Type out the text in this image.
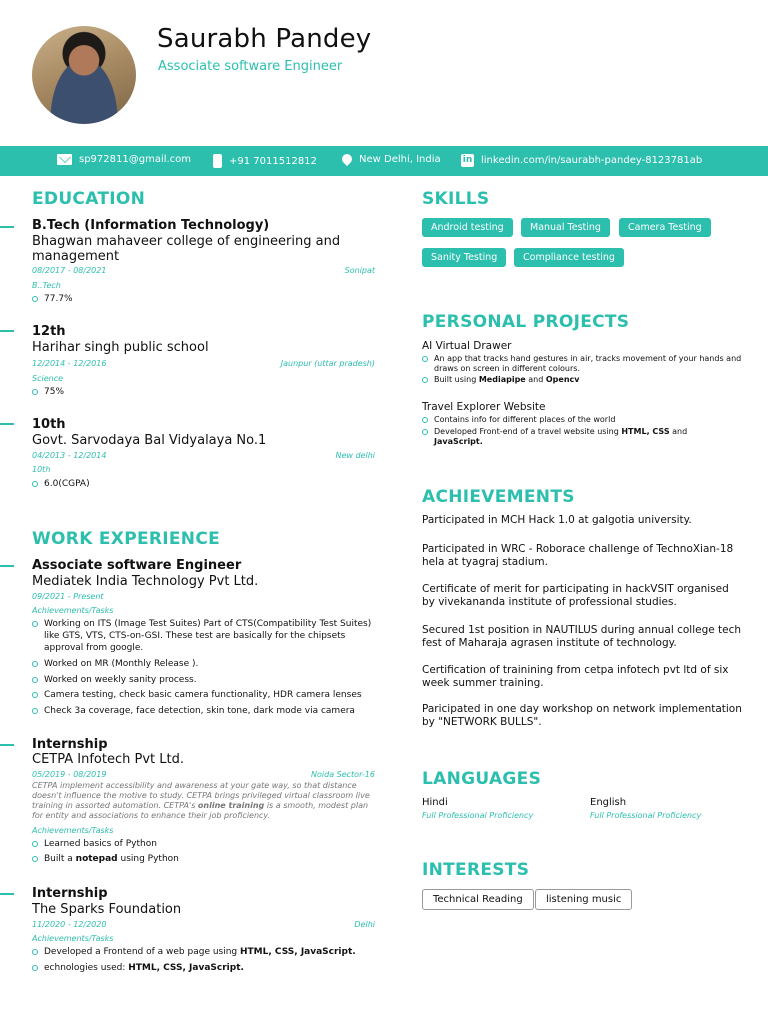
Saurabh Pandey
Associate software Engineer
sp972811@gmail.com	+91 7011512812	New Delhi, India in linkedin.com/in/saurabh-pandey-8123781ab
EDUCATION
B.Tech (Information Technology)
Bhagwan mahaveer college of engineering and management
08/2017 - 08/2021	Sonipat
B..Tech
77.7%
12th
Harihar singh public school
12/2014 - 12/2016	Jaunpur (uttar pradesh)
Science
75%
10th
Govt. Sarvodaya Bal Vidyalaya No.1
04/2013 - 12/2014	New delhi
10th
6.0(CGPA)
WORK EXPERIENCE
Associate software Engineer
Mediatek India Technology Pvt Ltd.
09/2021 - Present
Achievements/Tasks
Working on ITS (Image Test Suites) Part of CTS(Compatibility Test Suites) like GTS, VTS, CTS-on-GSI. These test are basically for the chipsets approval from google.
Worked on MR (Monthly Release ).
Worked on weekly sanity process.
Camera testing, check basic camera functionality, HDR camera lenses
Check 3a coverage, face detection, skin tone, dark mode via camera
Internship
CETPA Infotech Pvt Ltd.
05/2019 - 08/2019	Noida Sector-16
CETPA implement accessibility and awareness at your gate way, so that distance doesn't influence the motive to study. CETPA brings privileged virtual classroom live training in assorted automation. CETPA's online training is a smooth, modest plan for entity and associations to enhance their job proficiency.
Achievements/Tasks
Learned basics of Python
Built a notepad using Python
Internship
The Sparks Foundation
11/2020 - 12/2020	Delhi
Achievements/Tasks
Developed a Frontend of a web page using HTML, CSS, JavaScript.
echnologies used: HTML, CSS, JavaScript.
SKILLS
Android testing	Manual Testing	Camera Testing
Sanity Testing	Compliance testing
PERSONAL PROJECTS
AI Virtual Drawer
An app that tracks hand gestures in air, tracks movement of your hands and draws on screen in different colours.
Built using Mediapipe and Opencv
Travel Explorer Website
Contains info for different places of the world
Developed Front-end of a travel website using HTML, CSS and JavaScript.
ACHIEVEMENTS
Participated in MCH Hack 1.0 at galgotia university.
Participated in WRC - Roborace challenge of TechnoXian-18 hela at tyagraj stadium.
Certificate of merit for participating in hackVSIT organised by vivekananda institute of professional studies.
Secured 1st position in NAUTILUS during annual college tech fest of Maharaja agrasen institute of technology.
Certification of trainining from cetpa infotech pvt ltd of six week summer training.
Paricipated in one day workshop on network implementation by "NETWORK BULLS".
LANGUAGES
Hindi
Full Professional Proficiency
English
Full Professional Proficiency
INTERESTS
Technical Reading	listening music
